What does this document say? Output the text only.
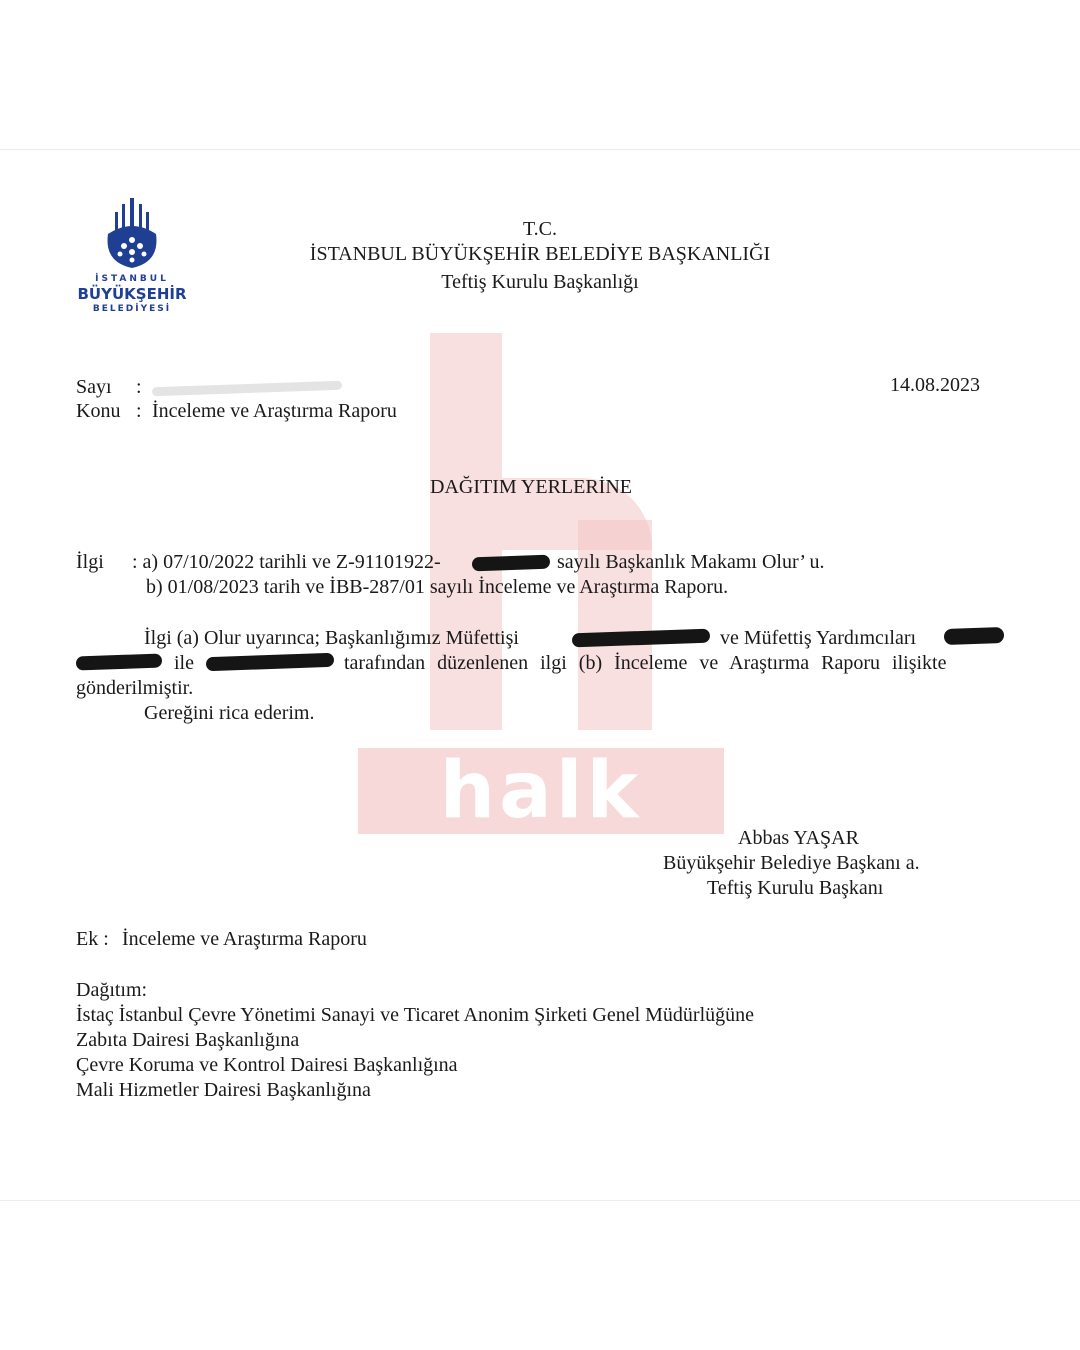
halk
İSTANBUL
BÜYÜKŞEHİR
BELEDİYESİ
T.C.
İSTANBUL BÜYÜKŞEHİR BELEDİYE BAŞKANLIĞI
Teftiş Kurulu Başkanlığı
Sayı :	14.08.2023
Konu : İnceleme ve Araştırma Raporu
DAĞITIM YERLERİNE
İlgi : a) 07/10/2022 tarihli ve Z-91101922-	sayılı Başkanlık Makamı Olur’ u.
b) 01/08/2023 tarih ve İBB-287/01 sayılı İnceleme ve Araştırma Raporu.
İlgi (a) Olur uyarınca; Başkanlığımız Müfettişi	ve Müfettiş Yardımcıları
ile	tarafından düzenlenen ilgi (b) İnceleme ve Araştırma Raporu ilişikte
gönderilmiştir.
Gereğini rica ederim.
Abbas YAŞAR
Büyükşehir Belediye Başkanı a.
Teftiş Kurulu Başkanı
Ek : İnceleme ve Araştırma Raporu
Dağıtım:
İstaç İstanbul Çevre Yönetimi Sanayi ve Ticaret Anonim Şirketi Genel Müdürlüğüne
Zabıta Dairesi Başkanlığına
Çevre Koruma ve Kontrol Dairesi Başkanlığına
Mali Hizmetler Dairesi Başkanlığına
